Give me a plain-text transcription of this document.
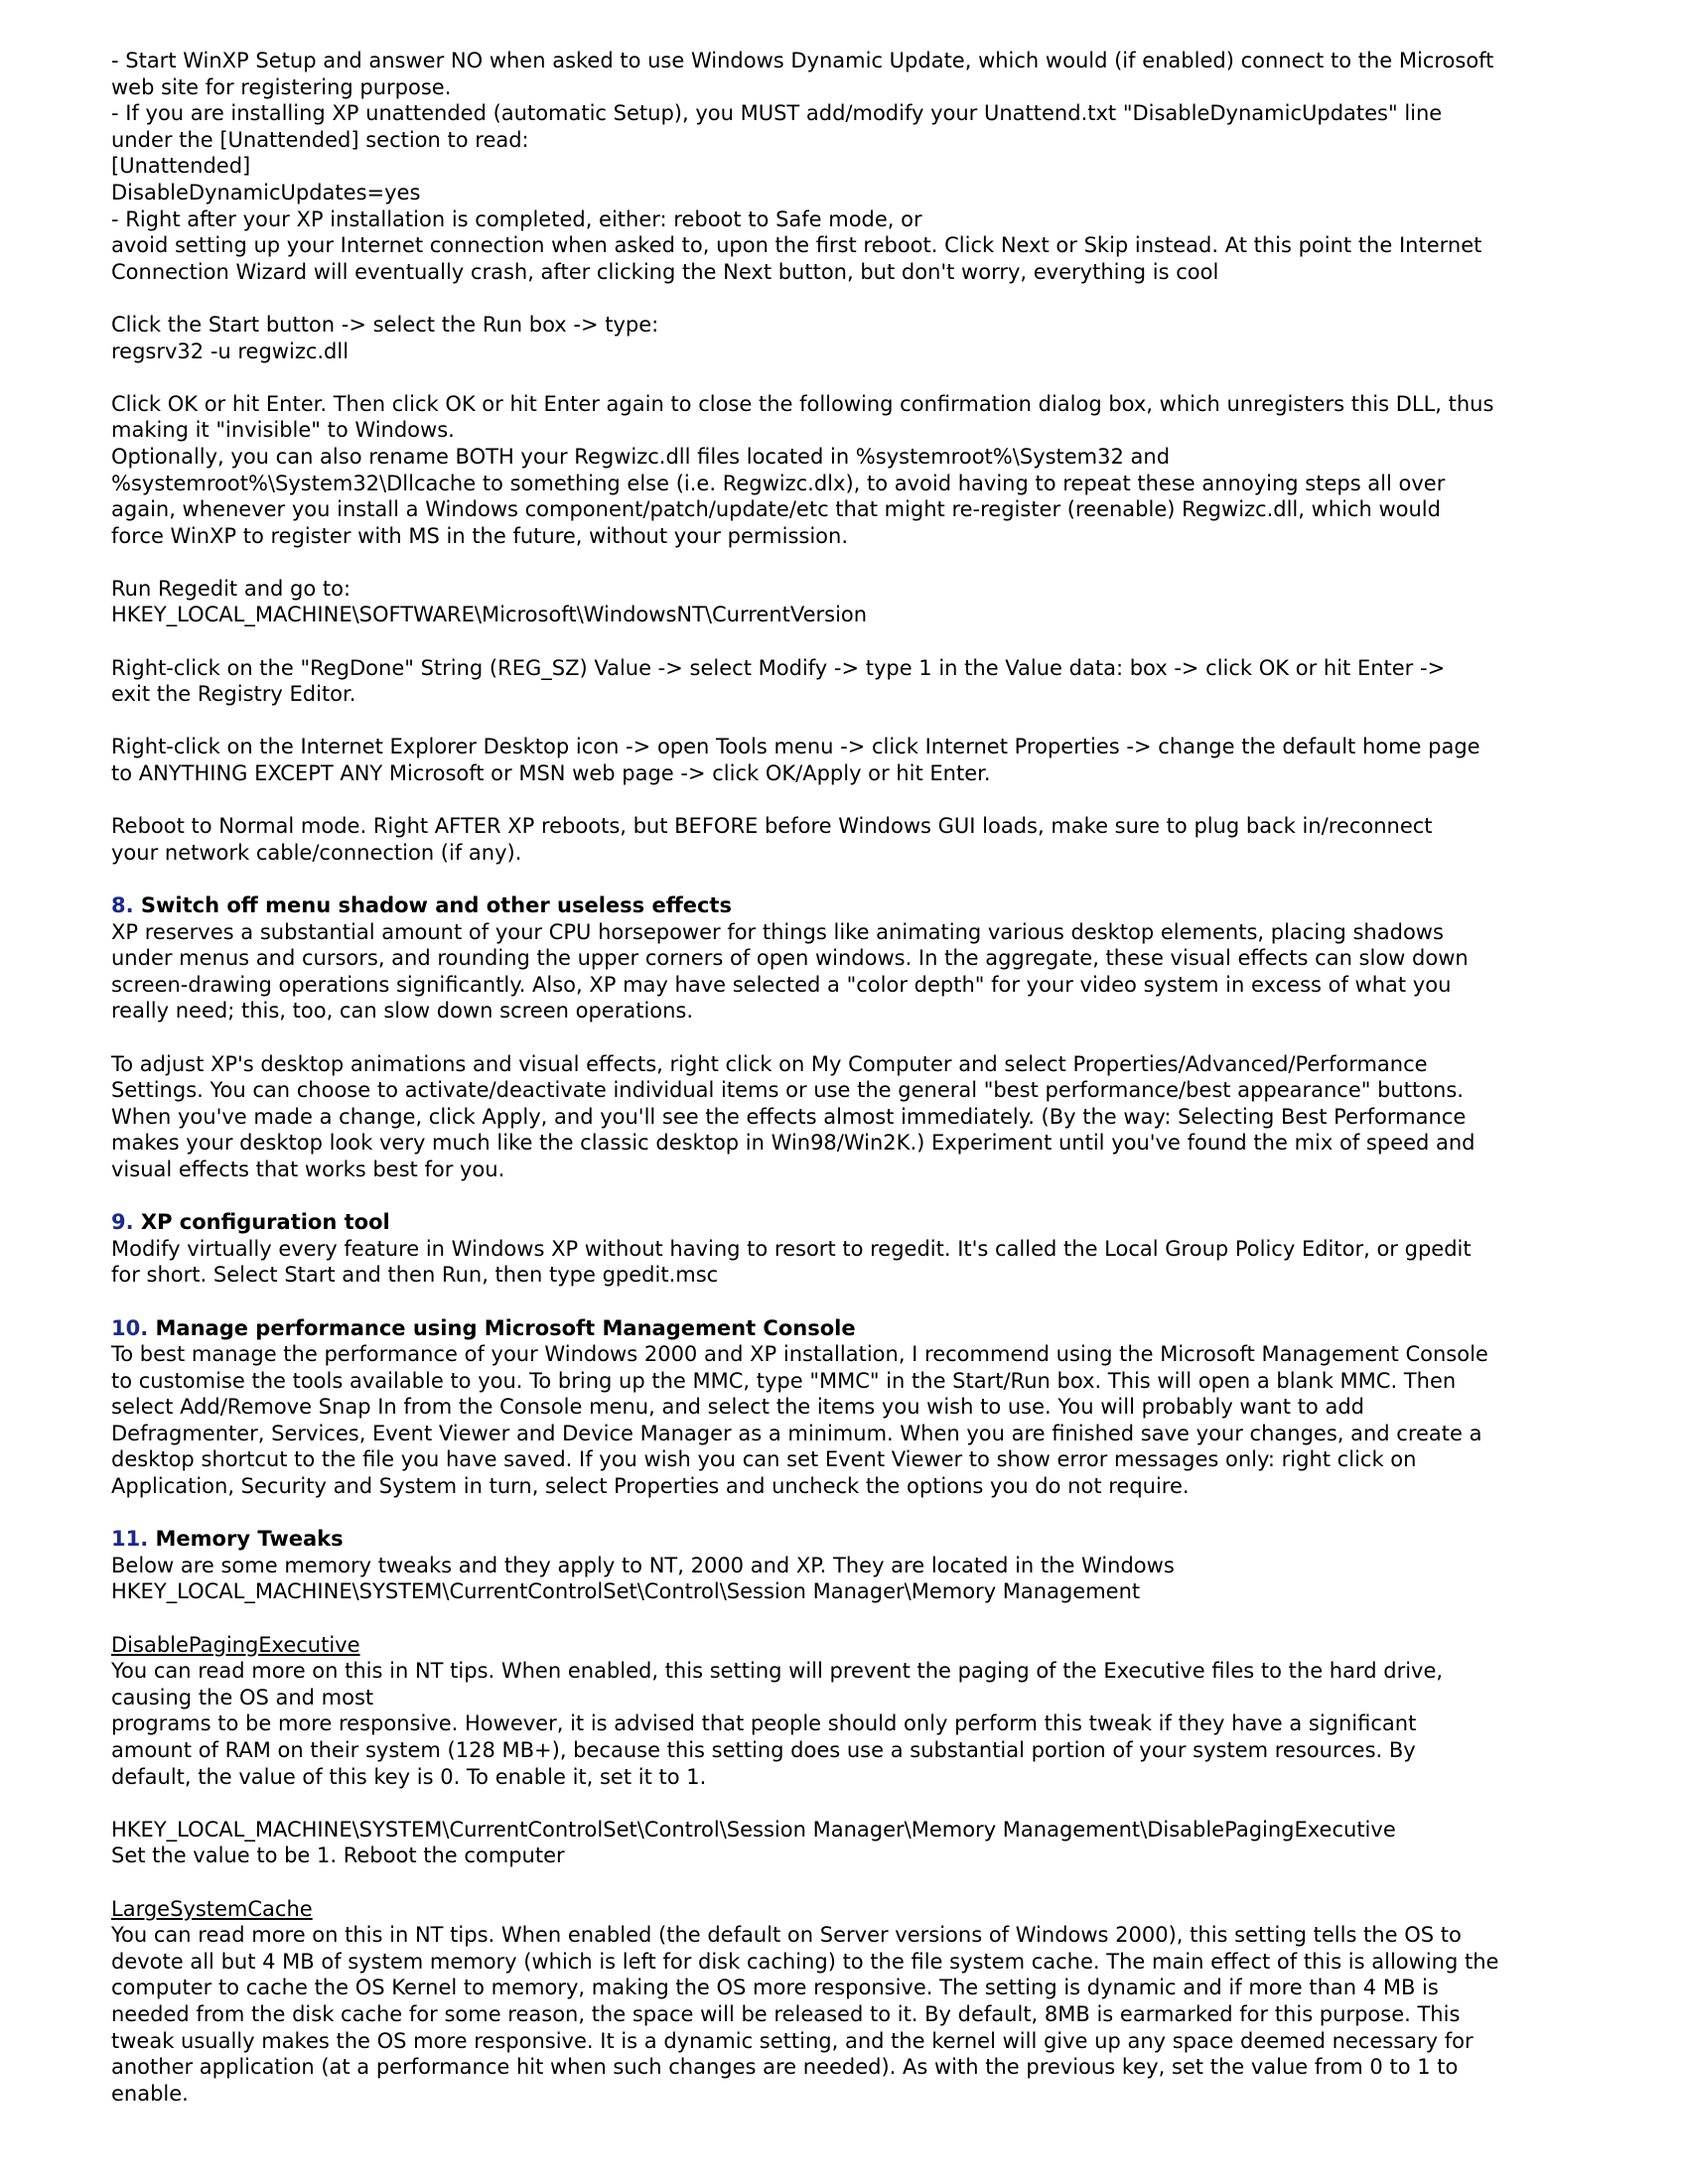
- Start WinXP Setup and answer NO when asked to use Windows Dynamic Update, which would (if enabled) connect to the Microsoft
web site for registering purpose.
- If you are installing XP unattended (automatic Setup), you MUST add/modify your Unattend.txt "DisableDynamicUpdates" line
under the [Unattended] section to read:
[Unattended]
DisableDynamicUpdates=yes
- Right after your XP installation is completed, either: reboot to Safe mode, or
avoid setting up your Internet connection when asked to, upon the first reboot. Click Next or Skip instead. At this point the Internet
Connection Wizard will eventually crash, after clicking the Next button, but don't worry, everything is cool
Click the Start button -> select the Run box -> type:
regsrv32 -u regwizc.dll
Click OK or hit Enter. Then click OK or hit Enter again to close the following confirmation dialog box, which unregisters this DLL, thus
making it "invisible" to Windows.
Optionally, you can also rename BOTH your Regwizc.dll files located in %systemroot%\System32 and
%systemroot%\System32\Dllcache to something else (i.e. Regwizc.dlx), to avoid having to repeat these annoying steps all over
again, whenever you install a Windows component/patch/update/etc that might re-register (reenable) Regwizc.dll, which would
force WinXP to register with MS in the future, without your permission.
Run Regedit and go to:
HKEY_LOCAL_MACHINE\SOFTWARE\Microsoft\WindowsNT\CurrentVersion
Right-click on the "RegDone" String (REG_SZ) Value -> select Modify -> type 1 in the Value data: box -> click OK or hit Enter ->
exit the Registry Editor.
Right-click on the Internet Explorer Desktop icon -> open Tools menu -> click Internet Properties -> change the default home page
to ANYTHING EXCEPT ANY Microsoft or MSN web page -> click OK/Apply or hit Enter.
Reboot to Normal mode. Right AFTER XP reboots, but BEFORE before Windows GUI loads, make sure to plug back in/reconnect
your network cable/connection (if any).
8. Switch off menu shadow and other useless effects
XP reserves a substantial amount of your CPU horsepower for things like animating various desktop elements, placing shadows
under menus and cursors, and rounding the upper corners of open windows. In the aggregate, these visual effects can slow down
screen-drawing operations significantly. Also, XP may have selected a "color depth" for your video system in excess of what you
really need; this, too, can slow down screen operations.
To adjust XP's desktop animations and visual effects, right click on My Computer and select Properties/Advanced/Performance
Settings. You can choose to activate/deactivate individual items or use the general "best performance/best appearance" buttons.
When you've made a change, click Apply, and you'll see the effects almost immediately. (By the way: Selecting Best Performance
makes your desktop look very much like the classic desktop in Win98/Win2K.) Experiment until you've found the mix of speed and
visual effects that works best for you.
9. XP configuration tool
Modify virtually every feature in Windows XP without having to resort to regedit. It's called the Local Group Policy Editor, or gpedit
for short. Select Start and then Run, then type gpedit.msc
10. Manage performance using Microsoft Management Console
To best manage the performance of your Windows 2000 and XP installation, I recommend using the Microsoft Management Console
to customise the tools available to you. To bring up the MMC, type "MMC" in the Start/Run box. This will open a blank MMC. Then
select Add/Remove Snap In from the Console menu, and select the items you wish to use. You will probably want to add
Defragmenter, Services, Event Viewer and Device Manager as a minimum. When you are finished save your changes, and create a
desktop shortcut to the file you have saved. If you wish you can set Event Viewer to show error messages only: right click on
Application, Security and System in turn, select Properties and uncheck the options you do not require.
11. Memory Tweaks
Below are some memory tweaks and they apply to NT, 2000 and XP. They are located in the Windows
HKEY_LOCAL_MACHINE\SYSTEM\CurrentControlSet\Control\Session Manager\Memory Management
DisablePagingExecutive
You can read more on this in NT tips. When enabled, this setting will prevent the paging of the Executive files to the hard drive,
causing the OS and most
programs to be more responsive. However, it is advised that people should only perform this tweak if they have a significant
amount of RAM on their system (128 MB+), because this setting does use a substantial portion of your system resources. By
default, the value of this key is 0. To enable it, set it to 1.
HKEY_LOCAL_MACHINE\SYSTEM\CurrentControlSet\Control\Session Manager\Memory Management\DisablePagingExecutive
Set the value to be 1. Reboot the computer
LargeSystemCache
You can read more on this in NT tips. When enabled (the default on Server versions of Windows 2000), this setting tells the OS to
devote all but 4 MB of system memory (which is left for disk caching) to the file system cache. The main effect of this is allowing the
computer to cache the OS Kernel to memory, making the OS more responsive. The setting is dynamic and if more than 4 MB is
needed from the disk cache for some reason, the space will be released to it. By default, 8MB is earmarked for this purpose. This
tweak usually makes the OS more responsive. It is a dynamic setting, and the kernel will give up any space deemed necessary for
another application (at a performance hit when such changes are needed). As with the previous key, set the value from 0 to 1 to
enable.
